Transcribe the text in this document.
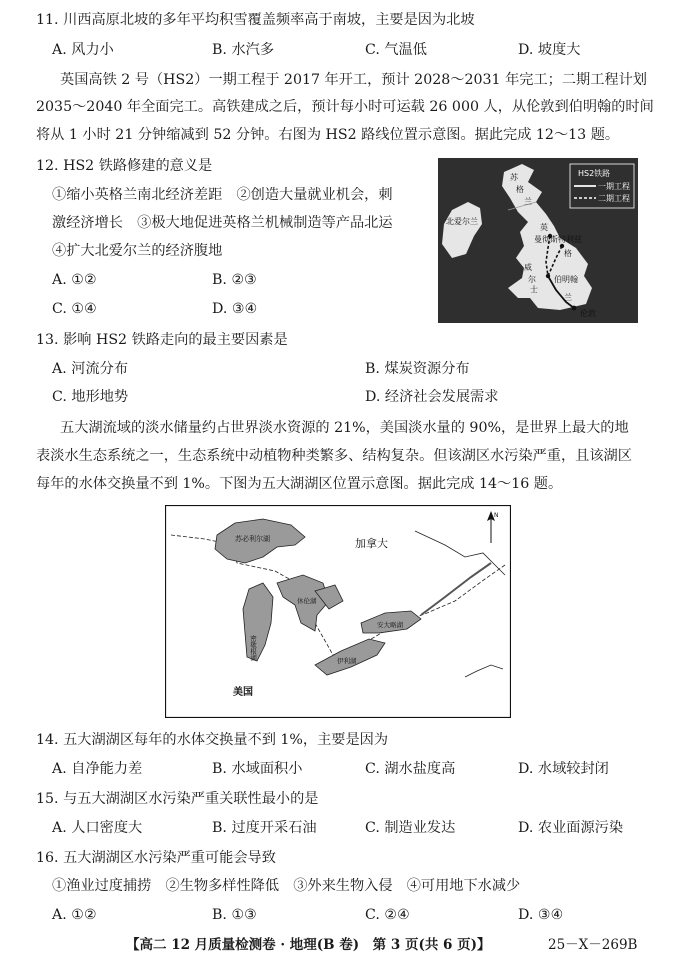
11. 川西高原北坡的多年平均积雪覆盖频率高于南坡，主要是因为北坡
A. 风力小	B. 水汽多	C. 气温低	D. 坡度大
英国高铁 2 号（HS2）一期工程于 2017 年开工，预计 2028～2031 年完工；二期工程计划
2035～2040 年全面完工。高铁建成之后，预计每小时可运载 26 000 人，从伦敦到伯明翰的时间
将从 1 小时 21 分钟缩减到 52 分钟。右图为 HS2 路线位置示意图。据此完成 12～13 题。
12. HS2 铁路修建的意义是
①缩小英格兰南北经济差距　②创造大量就业机会，刺
激经济增长　③极大地促进英格兰机械制造等产品北运
④扩大北爱尔兰的经济腹地
A. ①②	B. ②③
C. ①④	D. ③④
苏
格
兰
北爱尔兰
英
曼彻斯特 利兹
格
威
尔
士
伯明翰
兰
伦敦
HS2铁路
一期工程
二期工程
13. 影响 HS2 铁路走向的最主要因素是
A. 河流分布	B. 煤炭资源分布
C. 地形地势	D. 经济社会发展需求
五大湖流域的淡水储量约占世界淡水资源的 21%，美国淡水量的 90%，是世界上最大的地
表淡水生态系统之一，生态系统中动植物种类繁多、结构复杂。但该湖区水污染严重，且该湖区
每年的水体交换量不到 1%。下图为五大湖湖区位置示意图。据此完成 14～16 题。
加拿大
美国
苏必利尔湖
密歇根湖
休伦湖
伊利湖
安大略湖
N
14. 五大湖湖区每年的水体交换量不到 1%，主要是因为
A. 自净能力差	B. 水域面积小	C. 湖水盐度高	D. 水域较封闭
15. 与五大湖湖区水污染严重关联性最小的是
A. 人口密度大	B. 过度开采石油	C. 制造业发达	D. 农业面源污染
16. 五大湖湖区水污染严重可能会导致
①渔业过度捕捞　②生物多样性降低　③外来生物入侵　④可用地下水减少
A. ①②	B. ①③	C. ②④	D. ③④
【高二 12 月质量检测卷 · 地理(B 卷)　第 3 页(共 6 页)】	25－X－269B
